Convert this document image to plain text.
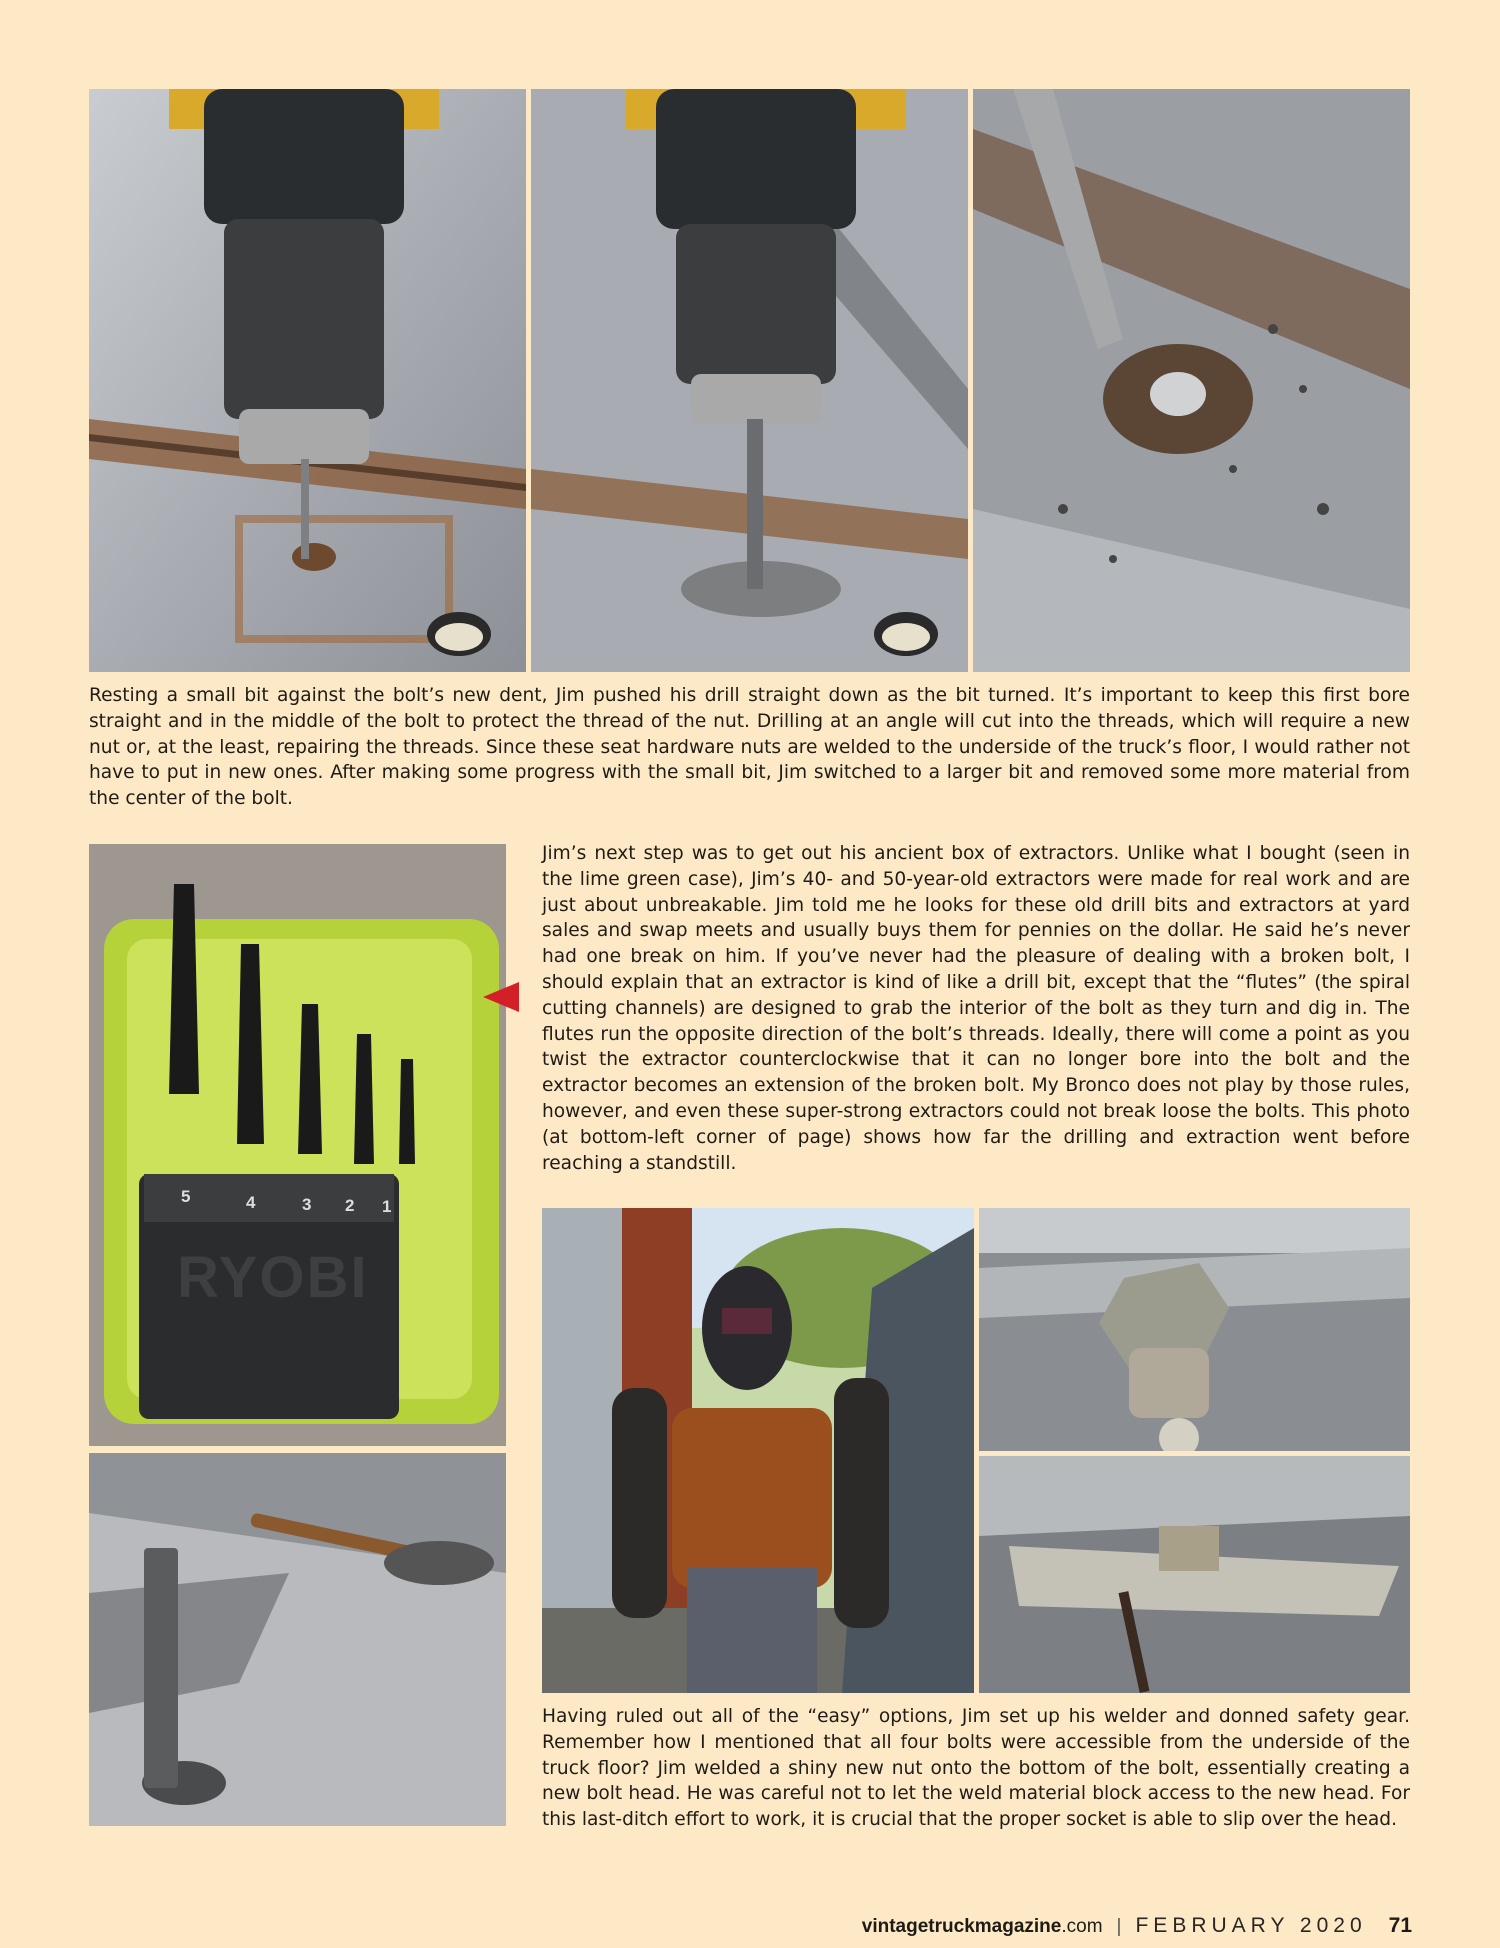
Resting a small bit against the bolt’s new dent, Jim pushed his drill straight down as the bit turned. It’s important to keep this first bore straight and in the middle of the bolt to protect the thread of the nut. Drilling at an angle will cut into the threads, which will require a new nut or, at the least, repairing the threads. Since these seat hardware nuts are welded to the underside of the truck’s floor, I would rather not have to put in new ones. After making some progress with the small bit, Jim switched to a larger bit and removed some more material from the center of the bolt.
5	4	3 2 1
RYOBI
Jim’s next step was to get out his ancient box of extractors. Unlike what I bought (seen in the lime green case), Jim’s 40- and 50-year-old extractors were made for real work and are just about unbreakable. Jim told me he looks for these old drill bits and extractors at yard sales and swap meets and usually buys them for pennies on the dollar. He said he’s never had one break on him. If you’ve never had the pleasure of dealing with a broken bolt, I should explain that an extractor is kind of like a drill bit, except that the “flutes” (the spiral cutting channels) are designed to grab the interior of the bolt as they turn and dig in. The flutes run the opposite direction of the bolt’s threads. Ideally, there will come a point as you twist the extractor counterclockwise that it can no longer bore into the bolt and the extractor becomes an extension of the broken bolt. My Bronco does not play by those rules, however, and even these super-strong extractors could not break loose the bolts. This photo (at bottom-left corner of page) shows how far the drilling and extraction went before reaching a standstill.
Having ruled out all of the “easy” options, Jim set up his welder and donned safety gear. Remember how I mentioned that all four bolts were accessible from the underside of the truck floor? Jim welded a shiny new nut onto the bottom of the bolt, essentially creating a new bolt head. He was careful not to let the weld material block access to the new head. For this last-ditch effort to work, it is crucial that the proper socket is able to slip over the head.
vintagetruck magazine .com | FEBRUARY 2020 71
